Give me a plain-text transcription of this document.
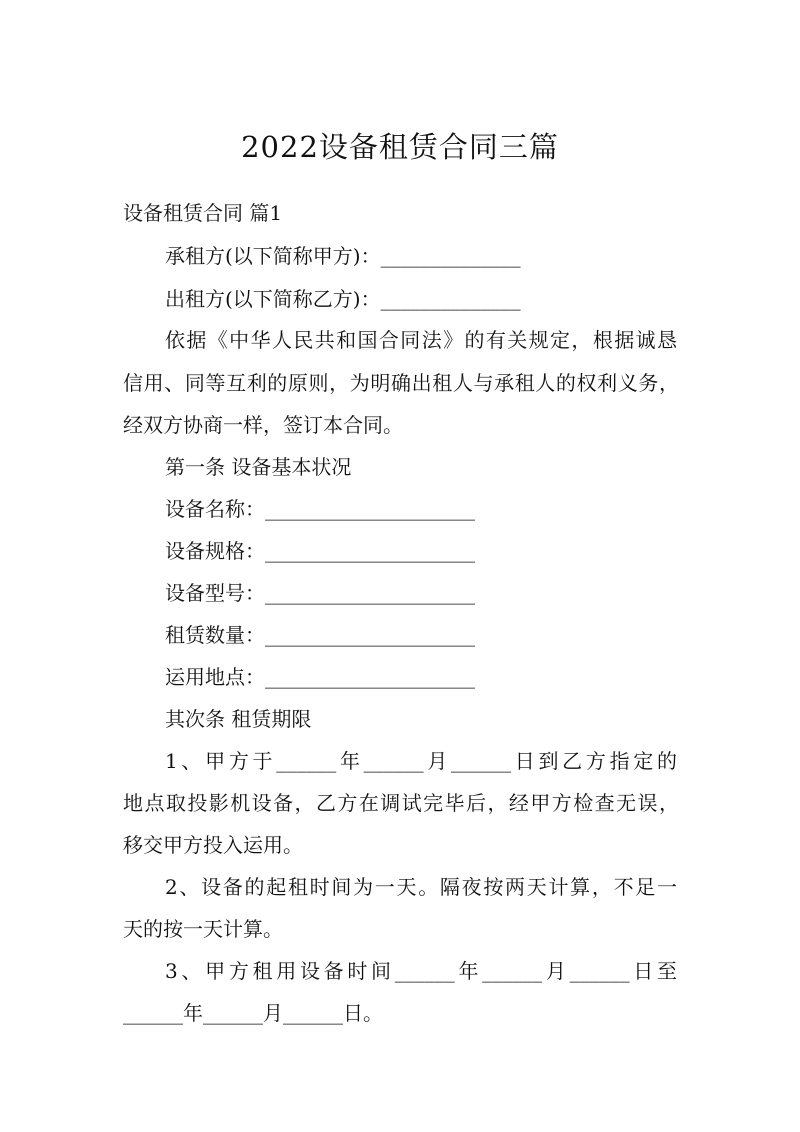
2022设备租赁合同三篇
设备租赁合同 篇1
承租方(以下简称甲方)：______________
出租方(以下简称乙方)：______________
依据《中华人民共和国合同法》的有关规定，根据诚恳
信用、同等互利的原则，为明确出租人与承租人的权利义务，
经双方协商一样，签订本合同。
第一条 设备基本状况
设备名称：_____________________
设备规格：_____________________
设备型号：_____________________
租赁数量：_____________________
运用地点：_____________________
其次条 租赁期限
1、甲方于______年______月______日到乙方指定的
地点取投影机设备，乙方在调试完毕后，经甲方检查无误，
移交甲方投入运用。
2、设备的起租时间为一天。隔夜按两天计算，不足一
天的按一天计算。
3、甲方租用设备时间______年______月______日至
______年______月______日。
